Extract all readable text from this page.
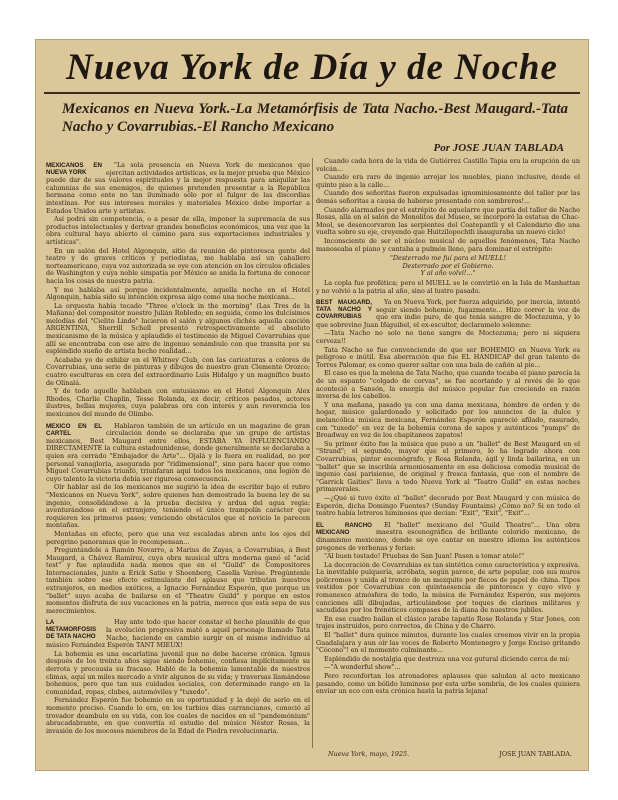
Nueva York de Día y de Noche
Mexicanos en Nueva York.-La Metamórfisis de Tata Nacho.-Best Maugard.-Tata Nacho y Covarrubias.-El Rancho Mexicano
Por JOSE JUAN TABLADA
MEXICANOS EN NUEVA YORK

"La sola presencia en Nueva York de mexicanos que ejercitan actividades artísticas, es la mejor prueba que México puede dar de sus valores espirituales y la mejor respuesta para aniquilar las calumnias de sus enemigos, de quienes pretenden presentar a la República hermana como ente no tan iluminado sólo por el fulgor de las discordias intestinas. Por sus intereses morales y materiales México debe importar a Estados Unidos arte y artistas.

Así podrá sin competencia, o a pesar de ella, imponer la supremacía de sus productos intelectuales y derivar grandes beneficios económicos, una vez que la obra cultural haya abierto el camino para sus exportaciones industriales y artísticas".

En un salón del Hotel Algonquin, sitio de reunión de pintoresca gente del teatro y de graves críticos y periodistas, me hablaba así un caballero norteamericano, cuya voz autorizada se oye con atención en los círculos oficiales de Washington y cuya noble simpatía por México se anida la fortuna de conocer hacia los cosas de nuestra patria.

Y me hablaba así porque incidentalmente, aquella noche en el Hotel Algonquin, había sido su intención expresa algo como una noche mexicana...

La orquesta había tocado "Three o'clock in the morning" (Las Tres de la Mañana) del compositor nuestro Julián Robledo; en seguida, como los dulcísimos melodías del "Cielito Lindo" lucieron el salón y algunos clichés aquella canción ARGENTINA, Sherrill Schell presentó retrospectivamente el absoluto mexicanismo de la música y aplaudido el testimonio de Miguel Covarrubias que allí se encontraba con ese aire de ingenuo sonámbulo con que transita por su espléndido sueño de artista hecho realidad...

Acababa yo de exhibir en el Whitney Club, con las caricaturas a colores de Covarrubias, una serie de pinturas y dibujos de nuestro gran Clemente Orozco; cuatro esculturas en cera del extraordinario Luis Hidalgo y un magnífico busto de Olinalá.

Y de todo aquello hablaban con entusiasmo en el Hotel Algonquin Alex Rhodes, Charlie Chaplin, Tesse Rolanda, ex decir, críticos pesados, actores ilustres, bellas mujeres, cuya palabras ora con interés y aun reverencia los mexicanos del mundo de Olimbo.

MEXICO EN EL CARTEL

Hablaron también de un artículo en un magazine de gran circulación donde se declaraba que un grupo de artistas mexicanos, Best Maugard entre ellos, ESTABA YA INFLUENCIANDO DIRECTAMENTE la cultura estadounidense, donde generalmente se declaraba a quien era cerrado "Embajador de Arte"... Ojalá y lo fuera en realidad, no por personal vanagloria, asegurada por "ridimensional", sino para hacer que como Miguel Covarrubias triunfó, triunfaran aquí todos los mexicanos, una legión de cuyo talento la victoria debía ser rigurosa consecuencia.

Oír hablar así de los mexicanos me sugirió la idea de escribir bajo el rubro "Mexicanos en Nueva York", sobre quienes han demostrado la buena ley de su ingenio, consolidándose a la prueba decisiva y ardua del agua regia: aventurándose en el extranjero, teniendo el único trampolín carácter que requieren los primeros pasos; venciendo obstáculos que el novicio le parecen montañas.

Montañas en efecto, pero que una vez escaladas abren ante los ojos del peregrino panoramas que lo recompensan...

Preguntándole a Ramón Novarro, a Marius de Zayas, a Covarrubias, a Best Maugard, a Chávez Ramírez, cuya obra musical ultra moderna ganó el "acid test" y fue aplaudida nada menos que en el "Guild" de Compositores Internacionales, junto a Erick Satie y Shoenberg, Casella Varèse. Pregúntenle también sobre ese efecto estimulante del aplauso que tributan nuestros extranjeros, en medios exóticos, a Ignacio Fernández Esperón, que porque un "ballet" suyo acaba de bailarse en el "Theatre Guild" y porque en estos momentos disfruta de sus vacaciones en la patria, merece que esta sepa de sus merecimientos.

LA METAMORFOSIS DE TATA NACHO

Hay ante todo que hacer constar el hecho plausible de que la evolución progresiva mató a aquel personaje llamado Tata Nacho, haciendo en cambio surgir en el mismo individuo al músico Fernández Esperón TANT MIEUX!

La bohemia es una escarlatina juvenil que no debe hacerse crónica. Igmus después de los treinta años sigue siendo bohemio, confiesa implícitamente su derrota y precousia su fracaso. Habló de la bohemia lamentable de nuestros climas, aquí un miles mercado a vivir algunos de su vida; y traversas llamándose bohemios, pero que tan sus cuidados sociales, con determinado rango en la comunidad, ropas, clubes, automóviles y "tuxedo".

Fernández Esperón fue bohemio en su oportunidad y la dejó de serlo en el momento preciso. Cuando lo era, en los turbios días carrancianos, conoció al trovador deambulo en su vida, con los cuales de nacidos en el "pandemónium" abracadabrante, en que convertía el estudio del músico Néstor Rosas, la invasión de los mocosos miembros de la Edad de Piedra revolucionaria.

Cuando cada hora de la vida de Gutiérrez Castillo Tapia era la erupción de un volcán...

Cuando era raro de ingenio arrojar los muebles, piano inclusive, desde el quinto piso a la calle...

Cuando dos señoritas fueron expulsadas ignominiosamente del taller por las demás señoritas a causa de haberse presentado con sombreros!...

Cuando alarmados por el estrépito de aquelarre que partía del taller de Nacho Rosas, allá en el salón de Monolitos del Museo, se incorporó la estatua de Chac-Mool, se desencorvaron las serpientes del Coatepantli y el Calendario dio una vuelta sobre su eje, creyendo que Huitzilopochtli inauguraba un nuevo ciclo!

Inconsciente de ser el núcleo musical de aquellos fenómenos, Tata Nacho manoseaba el piano y cantaba a pulmón lleno, para dominar el estrépito:

"Desterrado me fuí para el MUELL!
Desterrado por el Gobierno.
Y al año volví!..."

La copla fue profética; pero el MUELL se le convirtió en la Isla de Manhattan y no volvió a la patria al año, sino al lustro pasado.

BEST MAUGARD, TATA NACHO Y COVARRUBIAS

Ya en Nueva York, por fuerza adquirido, por inercia, intentó seguir siendo bohemio, fugazmente... Hizo correr la voz de que era indio puro, de que tenía sangre de Moctezuma, y lo que sobrevino Juan Iñiguibel, el ex-escultor, declaramelo solemne:

—Tata Nacho no solo no tiene sangre de Moctezuma; pero ni siquiera cerveza!!

Tata Nacho se fue convenciendo de que ser BOHEMIO en Nueva York es peligroso e inútil. Esa aberración que fue EL HANDICAP del gran talento de Torres Palomar, es como querer saltar con una bala de cañón al pie...

El caso es que la melena de Tata Nacho, que cuando tocaba el piano parecía la de un espanto "colgado de corvas", se fue acortando y al revés de lo que aconteció a Sansón, la energía del músico popular fue creciendo en razón inversa de los cabellos.

Y una mañana, pasado ya con una dama mexicana, hombre de orden y de hogar, músico galardonado y solicitado por los anuncios de la dulce y melancólica música mexicana, Fernández Esperón apareció afilado, rasurado, con "tuxedo" en vez de la bohemia corona de sapos y auténticos "pumps" de Broadway en vez de los chapitaneos zapatos!

Su primer éxito fue la música que puso a un "ballet" de Best Maugard en el "Strand"; el segundo, mayor que el primero, lo ha logrado ahora con Covarrubias, pintor escenógrafo, y Rosa Rolanda, ágil y linda bailarina, en un "ballet" que se inscribía armoniosamente en esa deliciosa comedia musical de ingenio casi parisiense, de original y fresca fantasía, que con el nombre de "Garrick Gaities" lleva a todo Nueva York al "Teatro Guild" en estas noches primaverales.

—¿Qué si tuvo éxito el "ballet" decorado por Best Maugard y con música de Esperón, dicha Domingo Fuentes? (Sunday Fountains) ¿Cómo no? Si en todo el teatro había letreros luminosos que decían: "Exit", "Exit", "Exit"...

EL RANCHO MEXICANO

El "ballet" mexicano del "Guild Theatre"... Una obra maestra escenográfica de brillante colorido mexicano, de dinamismo mexicano, donde se oye cantar en nuestro idioma los auténticos pregones de verbenas y ferias:

"Al buen tostado! Pruebas de San Juan! Pasen a tomar atole!"

La decoración de Covarrubias es tan sintética como característica y expresiva. La inevitable pulquería, acróbata, según parece, de arte popular, con sus muros policromos y unida al tronco de un mezquite por flecos de papel de china. Tipos vestidos por Covarrubias con quintaesencia de pintoresco y cuyo vivo y romanesco atmósfera de todo, la música de Fernández Esperón, sus mejores canciones allí dibujadas, articulándose por toques de clarines militares y sacudidas por los frenéticos compases de la diana de nuestros jubiles.

En ese cuadro bailan el clásico jarabe tapatío Rose Rolanda y Star Jones, con trajes instruidos, pero correctos, de China y de Charro.

El "ballet" dura quince minutos, durante los cuales creemos vivir en la propia Guadalajara y aun oír las voces de Roberto Montenegro y Jorge Enciso gritando "Cócono"! en el momento culminante...

Espléndido de nostalgia que destroza una voz gutural diciendo cerca de mí:

—"A wonderful show"...

Pero reconfortan los atronadores aplausos que saludan al acto mexicano pasando, como un bólido luminoso por esta urbe sombría, de los cuales quisiera enviar un eco con esta crónica hasta la patria lejana!

Nueva York, mayo, 1925.	JOSE JUAN TABLADA.
